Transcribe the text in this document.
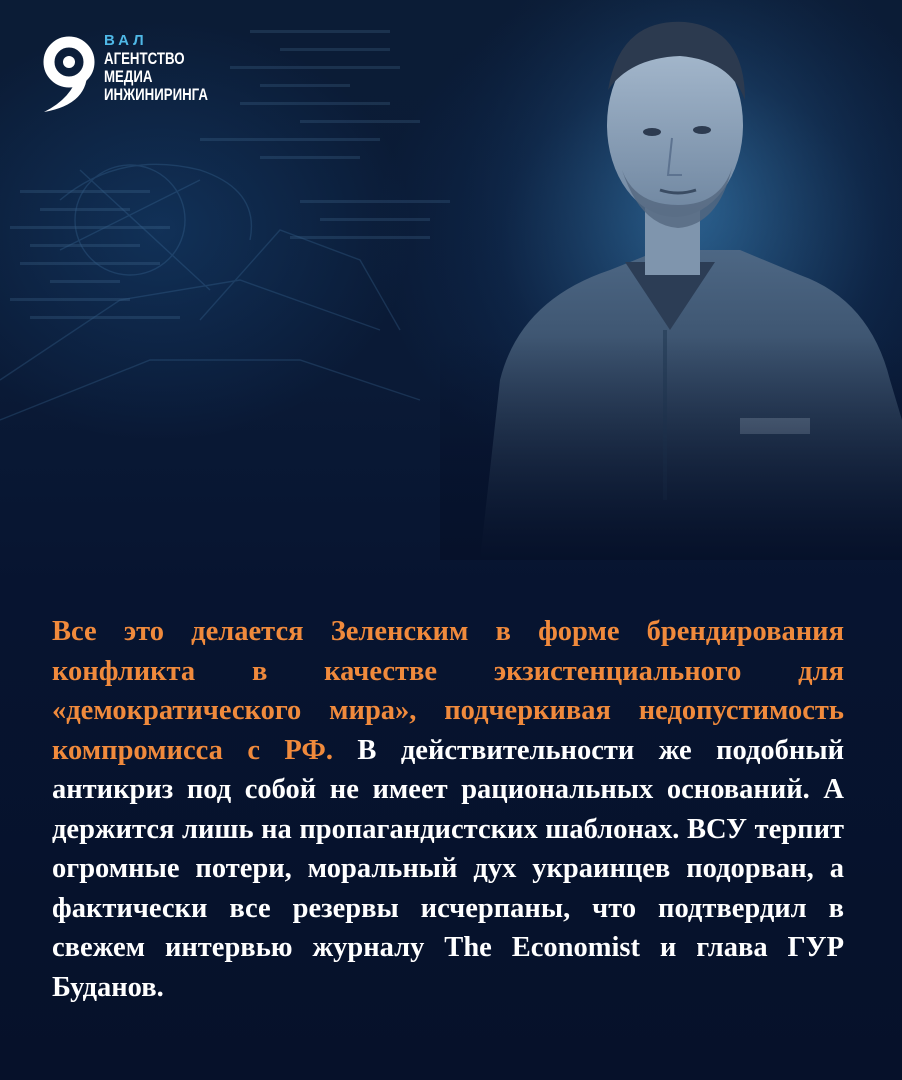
ВАЛ
АГЕНТСТВО
МЕДИА
ИНЖИНИРИНГА

Все это делается Зеленским в форме брендирования конфликта в качестве экзистенциального для «демократического мира», подчеркивая недопустимость компромисса с РФ. В действительности же подобный антикриз под собой не имеет рациональных оснований. А держится лишь на пропагандистских шаблонах. ВСУ терпит огромные потери, моральный дух украинцев подорван, а фактически все резервы исчерпаны, что подтвердил в свежем интервью журналу The Economist и глава ГУР Буданов.
